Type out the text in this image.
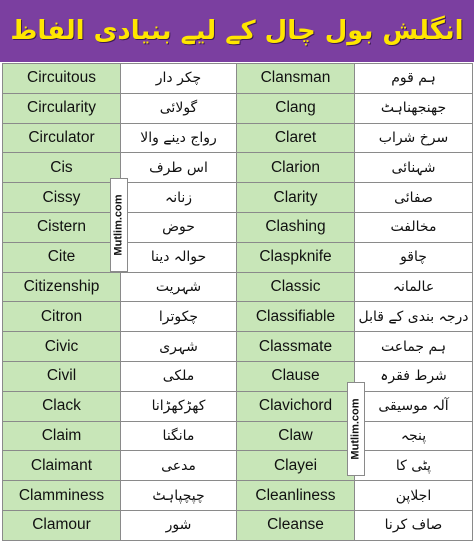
انگلش بول چال کے لیے بنیادی الفاظ
Circuitous	چکر دار	Clansman	ہم قوم
Circularity	گولائی	Clang	جھنجھناہٹ
Circulator	رواج دینے والا	Claret	سرخ شراب
Cis	اس طرف	Clarion	شہنائی
Cissy	زنانہ	Clarity	صفائی
Cistern	حوض	Clashing	مخالفت
Cite	حوالہ دینا	Claspknife	چاقو
Citizenship	شہریت	Classic	عالمانہ
Citron	چکوترا	Classifiable	درجہ بندی کے قابل
Civic	شہری	Classmate	ہم جماعت
Civil	ملکی	Clause	شرط فقرہ
Clack	کھڑکھڑانا	Clavichord	آلہ موسیقی
Claim	مانگنا	Claw	پنجہ
Claimant	مدعی	Clayei	پٹی کا
Clamminess	چپچپاہٹ	Cleanliness	اجلاپن
Clamour	شور	Cleanse	صاف کرنا
Mutlim.com
Mutlim.com
